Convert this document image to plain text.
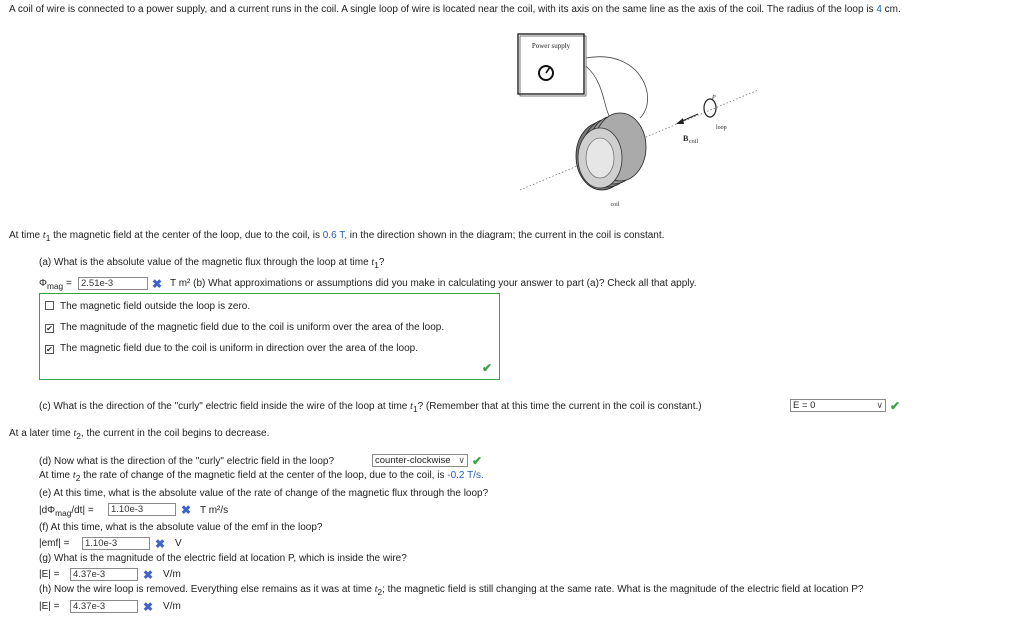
A coil of wire is connected to a power supply, and a current runs in the coil. A single loop of wire is located near the coil, with its axis on the same line as the axis of the coil. The radius of the loop is 4 cm.
Power supply
coil
B coil
loop
P
At time $t_1$ the magnetic field at the center of the loop, due to the coil, is 0.6 T, in the direction shown in the diagram; the current in the coil is constant.
(a) What is the absolute value of the magnetic flux through the loop at time $t_1$?
$\Phi_{mag} = 2.51e-3$	✖ T m² (b) What approximations or assumptions did you make in calculating your answer to part (a)? Check all that apply.
The magnetic field outside the loop is zero.
✔ The magnitude of the magnetic field due to the coil is uniform over the area of the loop.
✔ The magnetic field due to the coil is uniform in direction over the area of the loop.
✔
(c) What is the direction of the "curly" electric field inside the wire of the loop at time $t_1$? (Remember that at this time the current in the coil is constant.)	E = 0	∨ ✔
At a later time $t_2$, the current in the coil begins to decrease.
(d) Now what is the direction of the "curly" electric field in the loop?	counter-clockwise ∨ ✔
At time $t_2$ the rate of change of the magnetic field at the center of the loop, due to the coil, is -0.2 T/s.
(e) At this time, what is the absolute value of the rate of change of the magnetic flux through the loop?
$|d\Phi_{mag}/dt|$ =	1.10e-3	✖ T m²/s
(f) At this time, what is the absolute value of the emf in the loop?
|emf| =	1.10e-3	✖ V
(g) What is the magnitude of the electric field at location P, which is inside the wire?
|E| =	4.37e-3	✖ V/m
(h) Now the wire loop is removed. Everything else remains as it was at time $t_2$; the magnetic field is still changing at the same rate. What is the magnitude of the electric field at location P?
|E| =	4.37e-3	✖ V/m
